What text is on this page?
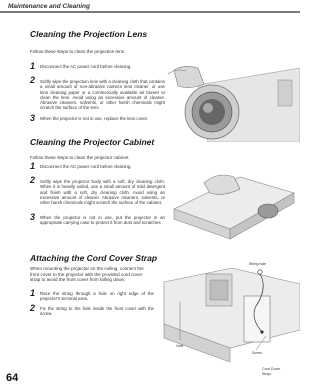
Maintenance and Cleaning
Cleaning the Projection Lens
Follow these steps to clean the projection lens.
1 Disconnect the AC power cord before cleaning.
2 Softly wipe the projection lens with a cleaning cloth that contains a small amount of non-abrasive camera lens cleaner, or use lens cleaning paper or a commercially available air blower to clean the lens. Avoid using an excessive amount of cleaner. Abrasive cleaners, solvents, or other harsh chemicals might scratch the surface of the lens.
3 When the projector is not in use, replace the lens cover.
Cleaning the Projector Cabinet
Follow these steps to clean the projector cabinet.
1 Disconnect the AC power cord before cleaning.
2 Softly wipe the projector body with a soft, dry cleaning cloth. When it is heavily soiled, use a small amount of mild detergent and finish with a soft, dry cleaning cloth. Avoid using an excessive amount of cleaner. Abrasive cleaners, solvents, or other harsh chemicals might scratch the surface of the cabinet.
3 When the projector is not in use, put the projector in an appropriate carrying case to protect it from dust and scratches.
Attaching the Cord Cover Strap
When mounting the projector on the ceiling, connect the front cover to the projector with the provided cord cover strap to avoid the front cover from falling down.
1 Race the string through a hole on right edge of the projector's terminal area.
2 Fix the string to the hole inside the front cover with the screw.
String hole
Hole
Screw
Cord Cover
Strap
64
